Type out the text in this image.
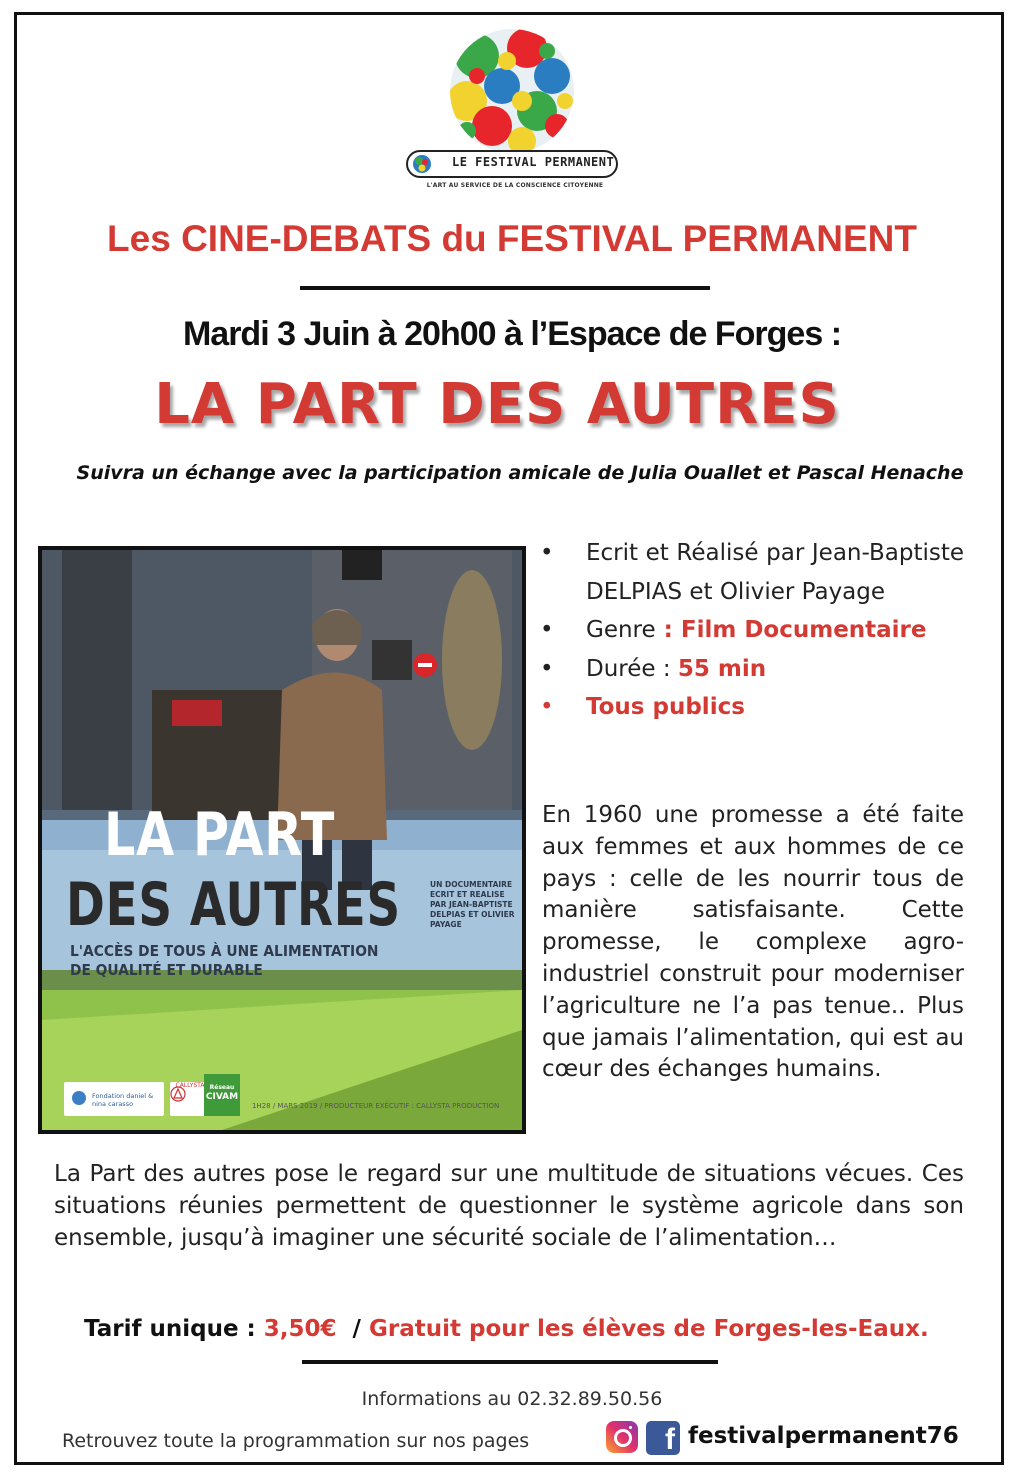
LE FESTIVAL PERMANENT
L'ART AU SERVICE DE LA CONSCIENCE CITOYENNE
Les CINE-DEBATS du FESTIVAL PERMANENT
Mardi 3 Juin à 20h00 à l’Espace de Forges :
LA PART DES AUTRES
Suivra un échange avec la participation amicale de Julia Ouallet et Pascal Henache
LA PART
DES AUTRES
L'ACCÈS DE TOUS À UNE ALIMENTATION
DE QUALITÉ ET DURABLE
UN DOCUMENTAIRE ECRIT ET REALISE PAR JEAN-BAPTISTE DELPIAS ET OLIVIER PAYAGE
Fondation daniel & nina carasso
CALLYSTA Réseau
CIVAM
1H28 / MARS 2019 / PRODUCTEUR EXÉCUTIF : CALLYSTA PRODUCTION
• Ecrit et Réalisé par Jean-Baptiste DELPIAS et Olivier Payage
• Genre : Film Documentaire
• Durée : 55 min
• Tous publics
En 1960 une promesse a été faite aux femmes et aux hommes de ce pays : celle de les nourrir tous de manière satisfaisante. Cette promesse, le complexe agro-industriel construit pour moderniser l’agriculture ne l’a pas tenue.. Plus que jamais l’alimentation, qui est au cœur des échanges humains.
La Part des autres pose le regard sur une multitude de situations vécues. Ces situations réunies permettent de questionner le système agricole dans son ensemble, jusqu’à imaginer une sécurité sociale de l’alimentation…
Tarif unique : 3,50€  / Gratuit pour les élèves de Forges-les-Eaux.
Informations au 02.32.89.50.56
Retrouvez toute la programmation sur nos pages	f festivalpermanent76
